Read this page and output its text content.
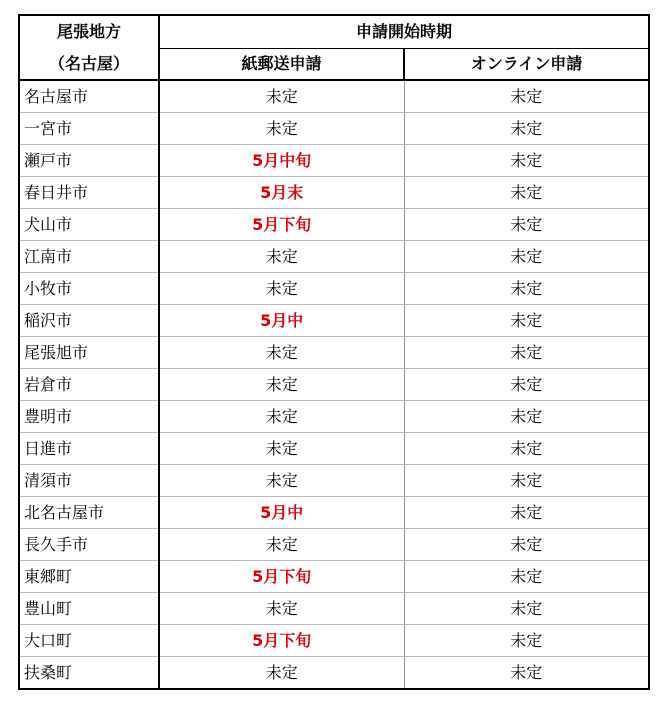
尾張地方	申請開始時期	
（名古屋）	紙郵送申請	オンライン申請
名古屋市	未定	未定
一宮市	未定	未定
瀬戸市	5月中旬	未定
春日井市	5月末	未定
犬山市	5月下旬	未定
江南市	未定	未定
小牧市	未定	未定
稲沢市	5月中	未定
尾張旭市	未定	未定
岩倉市	未定	未定
豊明市	未定	未定
日進市	未定	未定
清須市	未定	未定
北名古屋市	5月中	未定
長久手市	未定	未定
東郷町	5月下旬	未定
豊山町	未定	未定
大口町	5月下旬	未定
扶桑町	未定	未定
